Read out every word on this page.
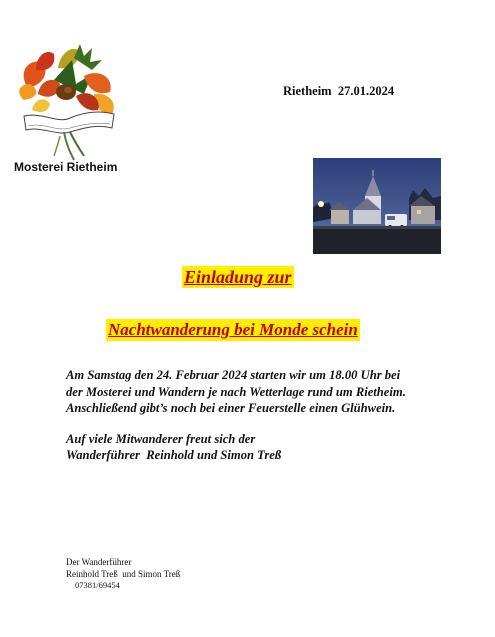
Mosterei Rietheim
Rietheim  27.01.2024
Einladung zur
Nachtwanderung bei Monde schein

Am Samstag den 24. Februar 2024 starten wir um 18.00 Uhr bei

der Mosterei und Wandern je nach Wetterlage rund um Rietheim.

Anschließend gibt’s noch bei einer Feuerstelle einen Glühwein.

Auf viele Mitwanderer freut sich der

Wanderführer  Reinhold und Simon Treß

Der Wanderführer
Reinhold Treß  und Simon Treß
07381/69454
